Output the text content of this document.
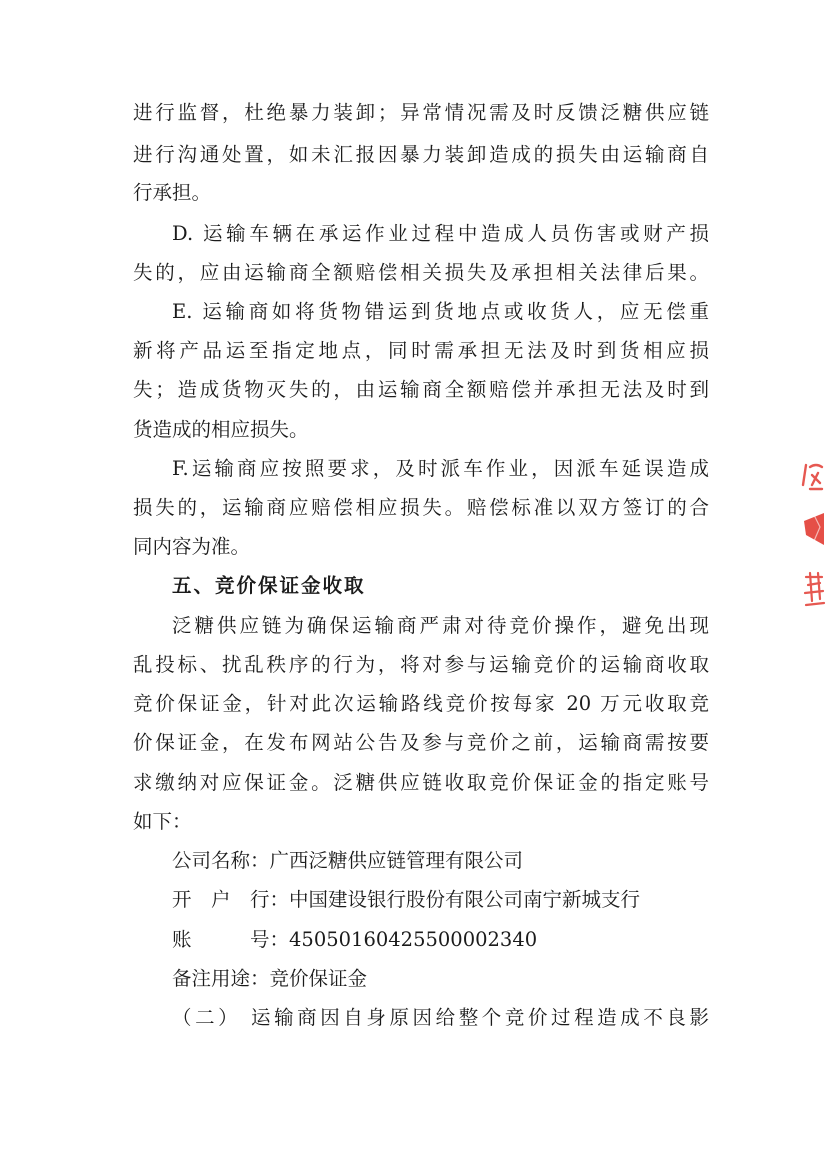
进行监督，杜绝暴力装卸；异常情况需及时反馈泛糖供应链
进行沟通处置，如未汇报因暴力装卸造成的损失由运输商自
行承担。
D. 运输车辆在承运作业过程中造成人员伤害或财产损
失的，应由运输商全额赔偿相关损失及承担相关法律后果。
E. 运输商如将货物错运到货地点或收货人，应无偿重
新将产品运至指定地点，同时需承担无法及时到货相应损
失；造成货物灭失的，由运输商全额赔偿并承担无法及时到
货造成的相应损失。
F.运输商应按照要求，及时派车作业，因派车延误造成
损失的，运输商应赔偿相应损失。赔偿标准以双方签订的合
同内容为准。
五、竞价保证金收取
泛糖供应链为确保运输商严肃对待竞价操作，避免出现
乱投标、扰乱秩序的行为，将对参与运输竞价的运输商收取
竞价保证金，针对此次运输路线竞价按每家 20 万元收取竞
价保证金，在发布网站公告及参与竞价之前，运输商需按要
求缴纳对应保证金。泛糖供应链收取竞价保证金的指定账号
如下：
公司名称：广西泛糖供应链管理有限公司
开　户　行：中国建设银行股份有限公司南宁新城支行
账　　　号：45050160425500002340
备注用途：竞价保证金
（二） 运输商因自身原因给整个竞价过程造成不良影
